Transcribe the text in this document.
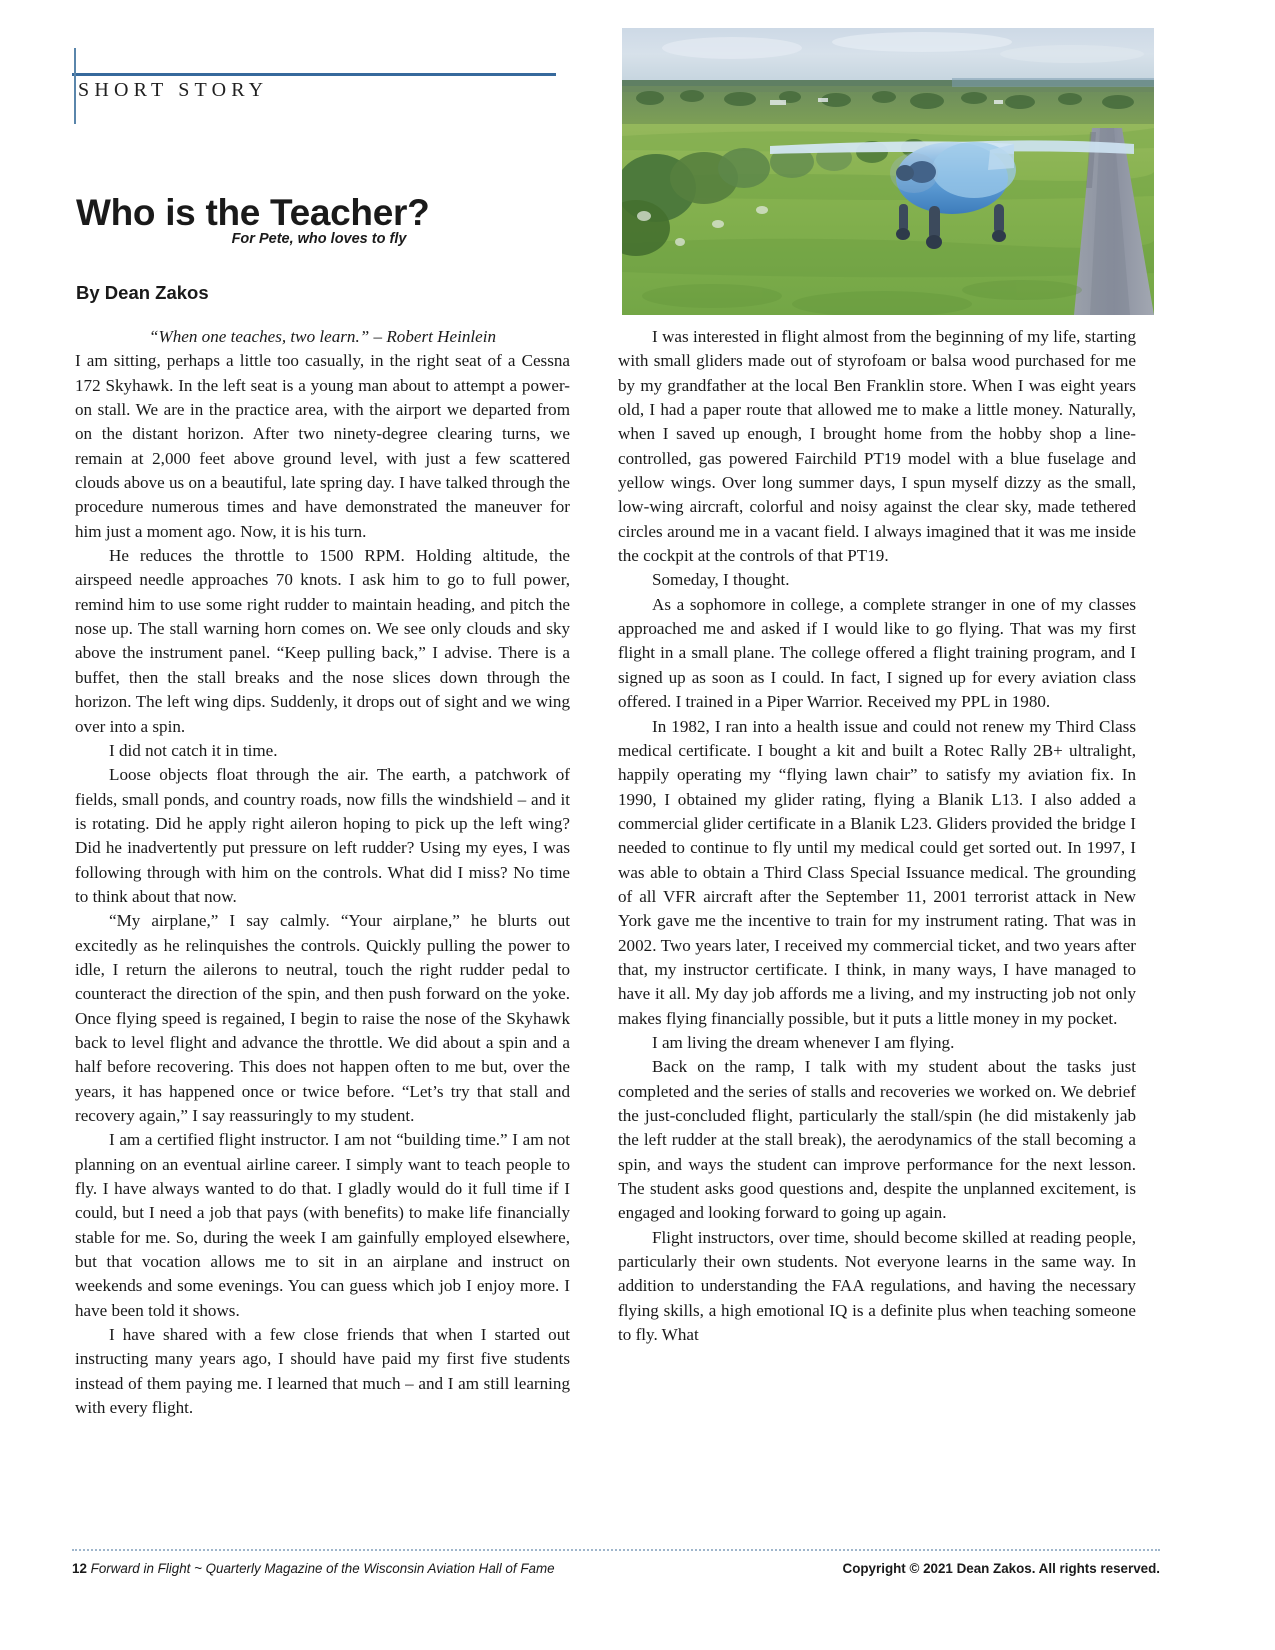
SHORT STORY
Who is the Teacher?
For Pete, who loves to fly
By Dean Zakos

“When one teaches, two learn.” – Robert Heinlein

I am sitting, perhaps a little too casually, in the right seat of a Cessna 172 Skyhawk. In the left seat is a young man about to attempt a power-on stall. We are in the practice area, with the airport we departed from on the distant horizon. After two ninety-degree clearing turns, we remain at 2,000 feet above ground level, with just a few scattered clouds above us on a beautiful, late spring day. I have talked through the procedure numerous times and have demonstrated the maneuver for him just a moment ago. Now, it is his turn.

He reduces the throttle to 1500 RPM. Holding altitude, the airspeed needle approaches 70 knots. I ask him to go to full power, remind him to use some right rudder to maintain heading, and pitch the nose up. The stall warning horn comes on. We see only clouds and sky above the instrument panel. “Keep pulling back,” I advise. There is a buffet, then the stall breaks and the nose slices down through the horizon. The left wing dips. Suddenly, it drops out of sight and we wing over into a spin.

I did not catch it in time.

Loose objects float through the air. The earth, a patchwork of fields, small ponds, and country roads, now fills the windshield – and it is rotating. Did he apply right aileron hoping to pick up the left wing? Did he inadvertently put pressure on left rudder? Using my eyes, I was following through with him on the controls. What did I miss? No time to think about that now.

“My airplane,” I say calmly. “Your airplane,” he blurts out excitedly as he relinquishes the controls. Quickly pulling the power to idle, I return the ailerons to neutral, touch the right rudder pedal to counteract the direction of the spin, and then push forward on the yoke. Once flying speed is regained, I begin to raise the nose of the Skyhawk back to level flight and advance the throttle. We did about a spin and a half before recovering. This does not happen often to me but, over the years, it has happened once or twice before. “Let’s try that stall and recovery again,” I say reassuringly to my student.

I am a certified flight instructor. I am not “building time.” I am not planning on an eventual airline career. I simply want to teach people to fly. I have always wanted to do that. I gladly would do it full time if I could, but I need a job that pays (with benefits) to make life financially stable for me. So, during the week I am gainfully employed elsewhere, but that vocation allows me to sit in an airplane and instruct on weekends and some evenings. You can guess which job I enjoy more. I have been told it shows.

I have shared with a few close friends that when I started out instructing many years ago, I should have paid my first five students instead of them paying me. I learned that much – and I am still learning with every flight.

I was interested in flight almost from the beginning of my life, starting with small gliders made out of styrofoam or balsa wood purchased for me by my grandfather at the local Ben Franklin store. When I was eight years old, I had a paper route that allowed me to make a little money. Naturally, when I saved up enough, I brought home from the hobby shop a line-controlled, gas powered Fairchild PT19 model with a blue fuselage and yellow wings. Over long summer days, I spun myself dizzy as the small, low-wing aircraft, colorful and noisy against the clear sky, made tethered circles around me in a vacant field. I always imagined that it was me inside the cockpit at the controls of that PT19.

Someday, I thought.

As a sophomore in college, a complete stranger in one of my classes approached me and asked if I would like to go flying. That was my first flight in a small plane. The college offered a flight training program, and I signed up as soon as I could. In fact, I signed up for every aviation class offered. I trained in a Piper Warrior. Received my PPL in 1980.

In 1982, I ran into a health issue and could not renew my Third Class medical certificate. I bought a kit and built a Rotec Rally 2B+ ultralight, happily operating my “flying lawn chair” to satisfy my aviation fix. In 1990, I obtained my glider rating, flying a Blanik L13. I also added a commercial glider certificate in a Blanik L23. Gliders provided the bridge I needed to continue to fly until my medical could get sorted out. In 1997, I was able to obtain a Third Class Special Issuance medical. The grounding of all VFR aircraft after the September 11, 2001 terrorist attack in New York gave me the incentive to train for my instrument rating. That was in 2002. Two years later, I received my commercial ticket, and two years after that, my instructor certificate. I think, in many ways, I have managed to have it all. My day job affords me a living, and my instructing job not only makes flying financially possible, but it puts a little money in my pocket.

I am living the dream whenever I am flying.

Back on the ramp, I talk with my student about the tasks just completed and the series of stalls and recoveries we worked on. We debrief the just-concluded flight, particularly the stall/spin (he did mistakenly jab the left rudder at the stall break), the aerodynamics of the stall becoming a spin, and ways the student can improve performance for the next lesson. The student asks good questions and, despite the unplanned excitement, is engaged and looking forward to going up again.

Flight instructors, over time, should become skilled at reading people, particularly their own students. Not everyone learns in the same way. In addition to understanding the FAA regulations, and having the necessary flying skills, a high emotional IQ is a definite plus when teaching someone to fly. What

12 Forward in Flight ~ Quarterly Magazine of the Wisconsin Aviation Hall of Fame	Copyright © 2021 Dean Zakos. All rights reserved.
